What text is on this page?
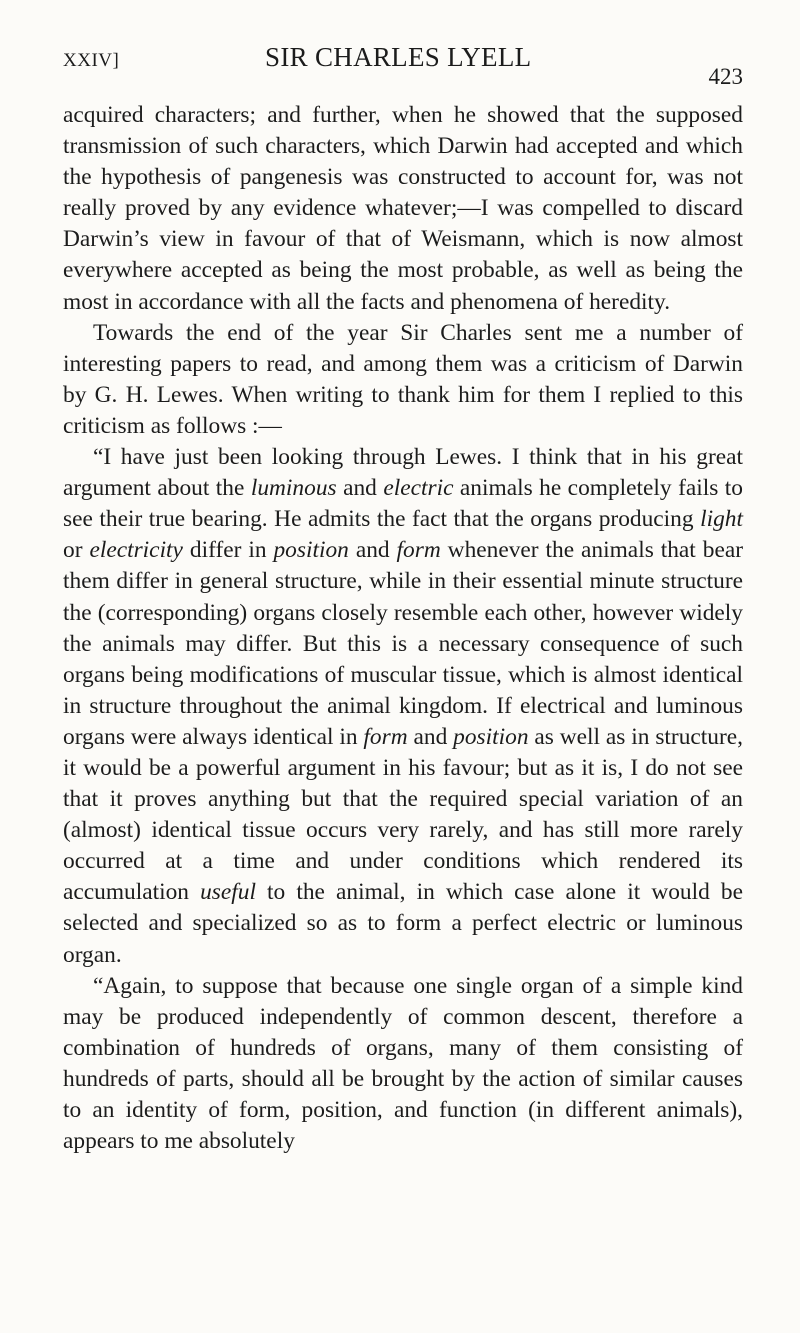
XXIV]	SIR CHARLES LYELL
423

acquired characters; and further, when he showed that the supposed transmission of such characters, which Darwin had accepted and which the hypothesis of pangenesis was constructed to account for, was not really proved by any evidence whatever;—I was compelled to discard Darwin’s view in favour of that of Weismann, which is now almost everywhere accepted as being the most probable, as well as being the most in accordance with all the facts and phenomena of heredity.

Towards the end of the year Sir Charles sent me a number of interesting papers to read, and among them was a criticism of Darwin by G. H. Lewes. When writing to thank him for them I replied to this criticism as follows :—

“I have just been looking through Lewes. I think that in his great argument about the luminous and electric animals he completely fails to see their true bearing. He admits the fact that the organs producing light or electricity differ in position and form whenever the animals that bear them differ in general structure, while in their essential minute structure the (corresponding) organs closely resemble each other, however widely the animals may differ. But this is a necessary consequence of such organs being modifications of muscular tissue, which is almost identical in structure throughout the animal kingdom. If electrical and luminous organs were always identical in form and position as well as in structure, it would be a powerful argument in his favour; but as it is, I do not see that it proves anything but that the required special variation of an (almost) identical tissue occurs very rarely, and has still more rarely occurred at a time and under conditions which rendered its accumulation useful to the animal, in which case alone it would be selected and specialized so as to form a perfect electric or luminous organ.

“Again, to suppose that because one single organ of a simple kind may be produced independently of common descent, therefore a combination of hundreds of organs, many of them consisting of hundreds of parts, should all be brought by the action of similar causes to an identity of form, position, and function (in different animals), appears to me absolutely
